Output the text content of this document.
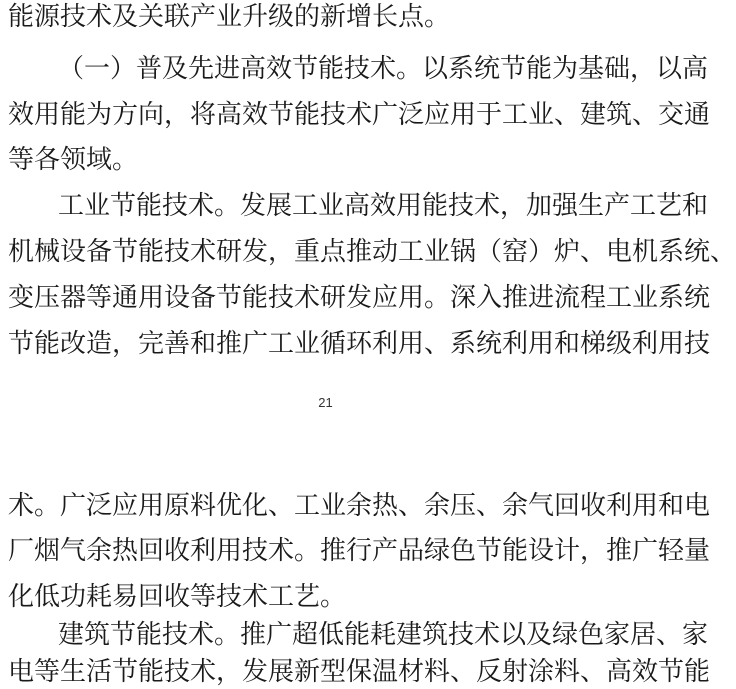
能源技术及关联产业升级的新增长点。
（一）普及先进高效节能技术。以系统节能为基础，以高
效用能为方向，将高效节能技术广泛应用于工业、建筑、交通
等各领域。
工业节能技术。发展工业高效用能技术，加强生产工艺和
机械设备节能技术研发，重点推动工业锅（窑）炉、电机系统、
变压器等通用设备节能技术研发应用。深入推进流程工业系统
节能改造，完善和推广工业循环利用、系统利用和梯级利用技
21
术。广泛应用原料优化、工业余热、余压、余气回收利用和电
厂烟气余热回收利用技术。推行产品绿色节能设计，推广轻量
化低功耗易回收等技术工艺。
建筑节能技术。推广超低能耗建筑技术以及绿色家居、家
电等生活节能技术，发展新型保温材料、反射涂料、高效节能
